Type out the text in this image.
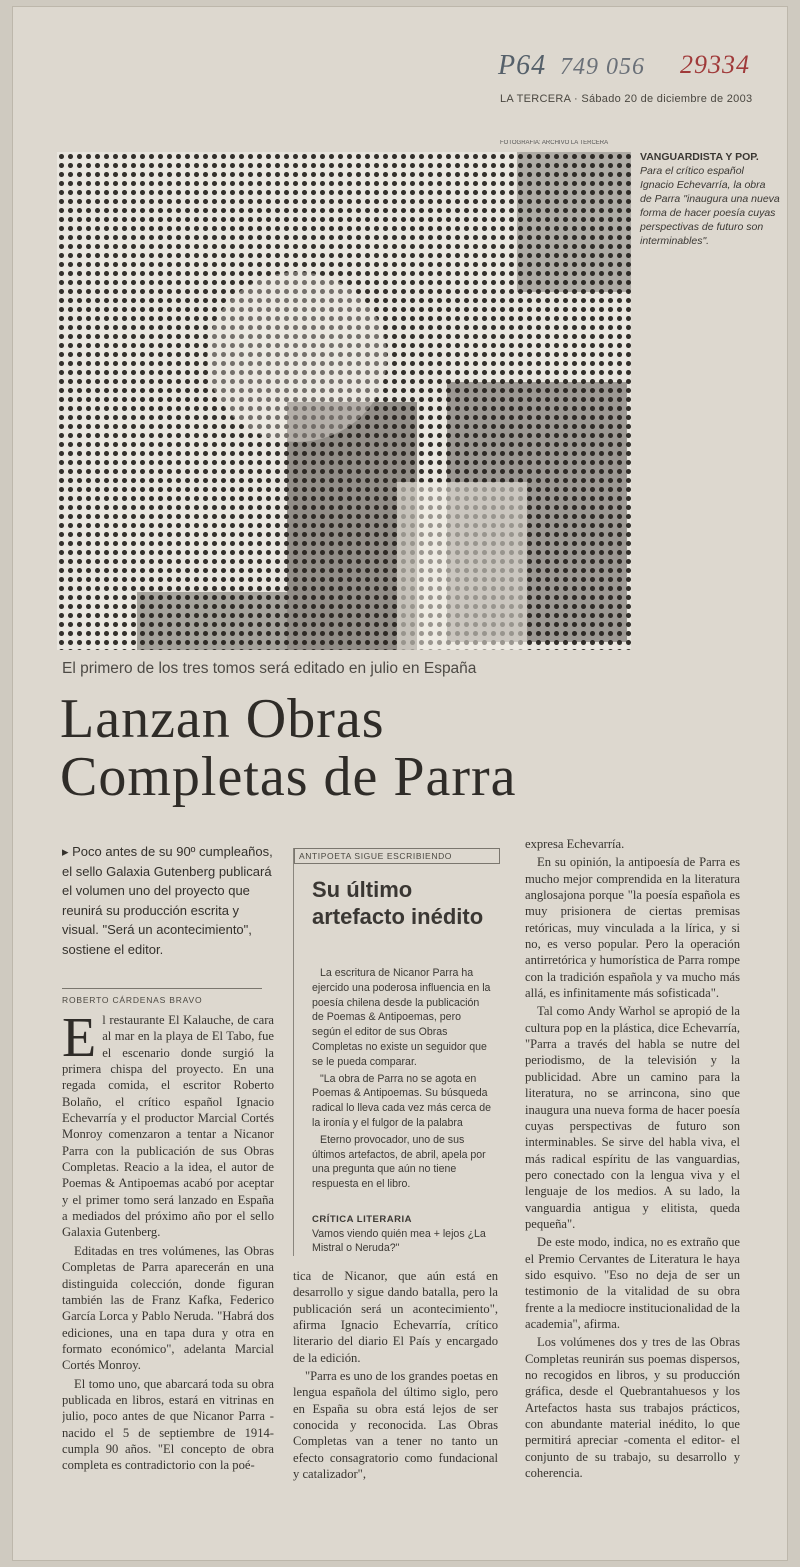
P64 749 056 29334
LA TERCERA · Sábado 20 de diciembre de 2003
FOTOGRAFÍA: ARCHIVO LA TERCERA
VANGUARDISTA Y POP. Para el crítico español Ignacio Echevarría, la obra de Parra "inaugura una nueva forma de hacer poesía cuyas perspectivas de futuro son interminables".
El primero de los tres tomos será editado en julio en España
Lanzan Obras
Completas de Parra
▸ Poco antes de su 90º cumpleaños, el sello Galaxia Gutenberg publicará el volumen uno del proyecto que reunirá su producción escrita y visual. "Será un acontecimiento", sostiene el editor.
ROBERTO CÁRDENAS BRAVO

El restaurante El Kalauche, de cara al mar en la playa de El Tabo, fue el escenario donde surgió la primera chispa del proyecto. En una regada comida, el escritor Roberto Bolaño, el crítico español Ignacio Echevarría y el productor Marcial Cortés Monroy comenzaron a tentar a Nicanor Parra con la publicación de sus Obras Completas. Reacio a la idea, el autor de Poemas & Antipoemas acabó por aceptar y el primer tomo será lanzado en España a mediados del próximo año por el sello Galaxia Gutenberg.

Editadas en tres volúmenes, las Obras Completas de Parra aparecerán en una distinguida colección, donde figuran también las de Franz Kafka, Federico García Lorca y Pablo Neruda. "Habrá dos ediciones, una en tapa dura y otra en formato económico", adelanta Marcial Cortés Monroy.

El tomo uno, que abarcará toda su obra publicada en libros, estará en vitrinas en julio, poco antes de que Nicanor Parra -nacido el 5 de septiembre de 1914- cumpla 90 años. "El concepto de obra completa es contradictorio con la poé-

ANTIPOETA SIGUE ESCRIBIENDO
Su último artefacto inédito

La escritura de Nicanor Parra ha ejercido una poderosa influencia en la poesía chilena desde la publicación de Poemas & Antipoemas, pero según el editor de sus Obras Completas no existe un seguidor que se le pueda comparar.

"La obra de Parra no se agota en Poemas & Antipoemas. Su búsqueda radical lo lleva cada vez más cerca de la ironía y el fulgor de la palabra

Eterno provocador, uno de sus últimos artefactos, de abril, apela por una pregunta que aún no tiene respuesta en el libro.

CRÍTICA LITERARIA
Vamos viendo quién mea + lejos ¿La Mistral o Neruda?"

tica de Nicanor, que aún está en desarrollo y sigue dando batalla, pero la publicación será un acontecimiento", afirma Ignacio Echevarría, crítico literario del diario El País y encargado de la edición.

"Parra es uno de los grandes poetas en lengua española del último siglo, pero en España su obra está lejos de ser conocida y reconocida. Las Obras Completas van a tener no tanto un efecto consagratorio como fundacional y catalizador",

expresa Echevarría.

En su opinión, la antipoesía de Parra es mucho mejor comprendida en la literatura anglosajona porque "la poesía española es muy prisionera de ciertas premisas retóricas, muy vinculada a la lírica, y si no, es verso popular. Pero la operación antirretórica y humorística de Parra rompe con la tradición española y va mucho más allá, es infinitamente más sofisticada".

Tal como Andy Warhol se apropió de la cultura pop en la plástica, dice Echevarría, "Parra a través del habla se nutre del periodismo, de la televisión y la publicidad. Abre un camino para la literatura, no se arrincona, sino que inaugura una nueva forma de hacer poesía cuyas perspectivas de futuro son interminables. Se sirve del habla viva, el más radical espíritu de las vanguardias, pero conectado con la lengua viva y el lenguaje de los medios. A su lado, la vanguardia antigua y elitista, queda pequeña".

De este modo, indica, no es extraño que el Premio Cervantes de Literatura le haya sido esquivo. "Eso no deja de ser un testimonio de la vitalidad de su obra frente a la mediocre institucionalidad de la academia", afirma.

Los volúmenes dos y tres de las Obras Completas reunirán sus poemas dispersos, no recogidos en libros, y su producción gráfica, desde el Quebrantahuesos y los Artefactos hasta sus trabajos prácticos, con abundante material inédito, lo que permitirá apreciar -comenta el editor- el conjunto de su trabajo, su desarrollo y coherencia.
